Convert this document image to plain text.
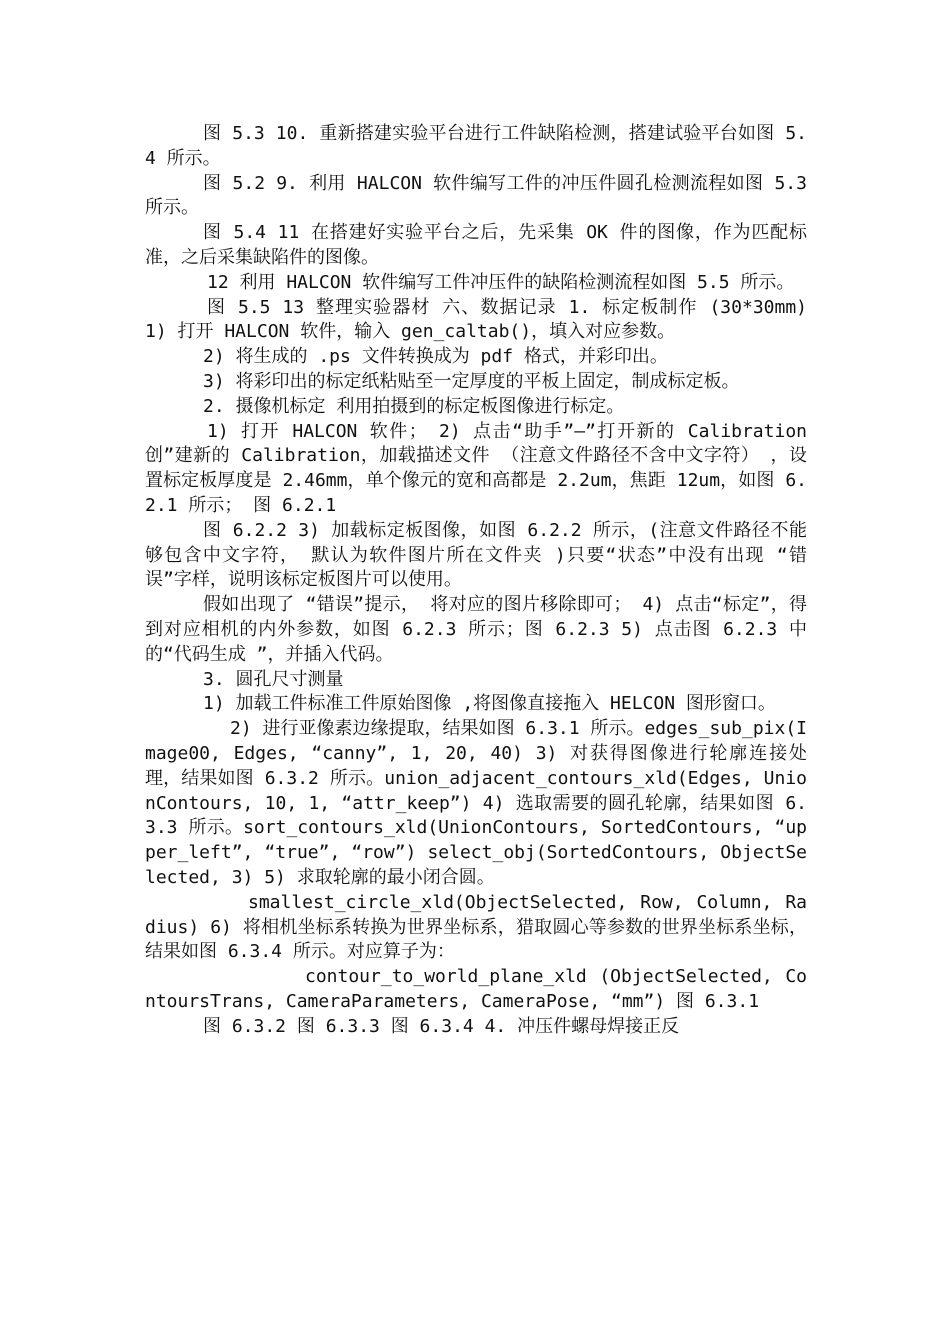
图 5.3 10. 重新搭建实验平台进行工件缺陷检测，搭建试验平台如图 5.4 所示。

图 5.2 9. 利用 HALCON 软件编写工件的冲压件圆孔检测流程如图 5.3 所示。

图 5.4 11 在搭建好实验平台之后，先采集 OK 件的图像，作为匹配标准，之后采集缺陷件的图像。

12 利用 HALCON 软件编写工件冲压件的缺陷检测流程如图 5.5 所示。

图 5.5 13 整理实验器材 六、数据记录 1. 标定板制作 (30*30mm) 1) 打开 HALCON 软件，输入 gen_caltab()，填入对应参数。

2) 将生成的 .ps 文件转换成为 pdf 格式，并彩印出。

3) 将彩印出的标定纸粘贴至一定厚度的平板上固定，制成标定板。

2. 摄像机标定 利用拍摄到的标定板图像进行标定。

1) 打开 HALCON 软件； 2) 点击“助手”—”打开新的 Calibration 创”建新的 Calibration，加载描述文件 （注意文件路径不含中文字符） ，设置标定板厚度是 2.46mm，单个像元的宽和高都是 2.2um，焦距 12um，如图 6.2.1 所示； 图 6.2.1

图 6.2.2 3) 加载标定板图像，如图 6.2.2 所示，(注意文件路径不能够包含中文字符， 默认为软件图片所在文件夹 )只要“状态”中没有出现 “错误”字样，说明该标定板图片可以使用。

假如出现了 “错误”提示， 将对应的图片移除即可； 4) 点击“标定”，得到对应相机的内外参数，如图 6.2.3 所示；图 6.2.3 5) 点击图 6.2.3 中的“代码生成 ”，并插入代码。

3. 圆孔尺寸测量

1) 加载工件标准工件原始图像 ,将图像直接拖入 HELCON 图形窗口。

2) 进行亚像素边缘提取，结果如图 6.3.1 所示。edges_sub_pix(Image00, Edges, “canny”, 1, 20, 40) 3) 对获得图像进行轮廓连接处理，结果如图 6.3.2 所示。union_adjacent_contours_xld(Edges, UnionContours, 10, 1, “attr_keep”) 4) 选取需要的圆孔轮廓，结果如图 6.3.3 所示。sort_contours_xld(UnionContours, SortedContours, “upper_left”, “true”, “row”) select_obj(SortedContours, ObjectSelected, 3) 5) 求取轮廓的最小闭合圆。

smallest_circle_xld(ObjectSelected, Row, Column, Radius) 6) 将相机坐标系转换为世界坐标系，猎取圆心等参数的世界坐标系坐标，结果如图 6.3.4 所示。对应算子为：

contour_to_world_plane_xld (ObjectSelected, ContoursTrans, CameraParameters, CameraPose, “mm”) 图 6.3.1

图 6.3.2 图 6.3.3 图 6.3.4 4. 冲压件螺母焊接正反
